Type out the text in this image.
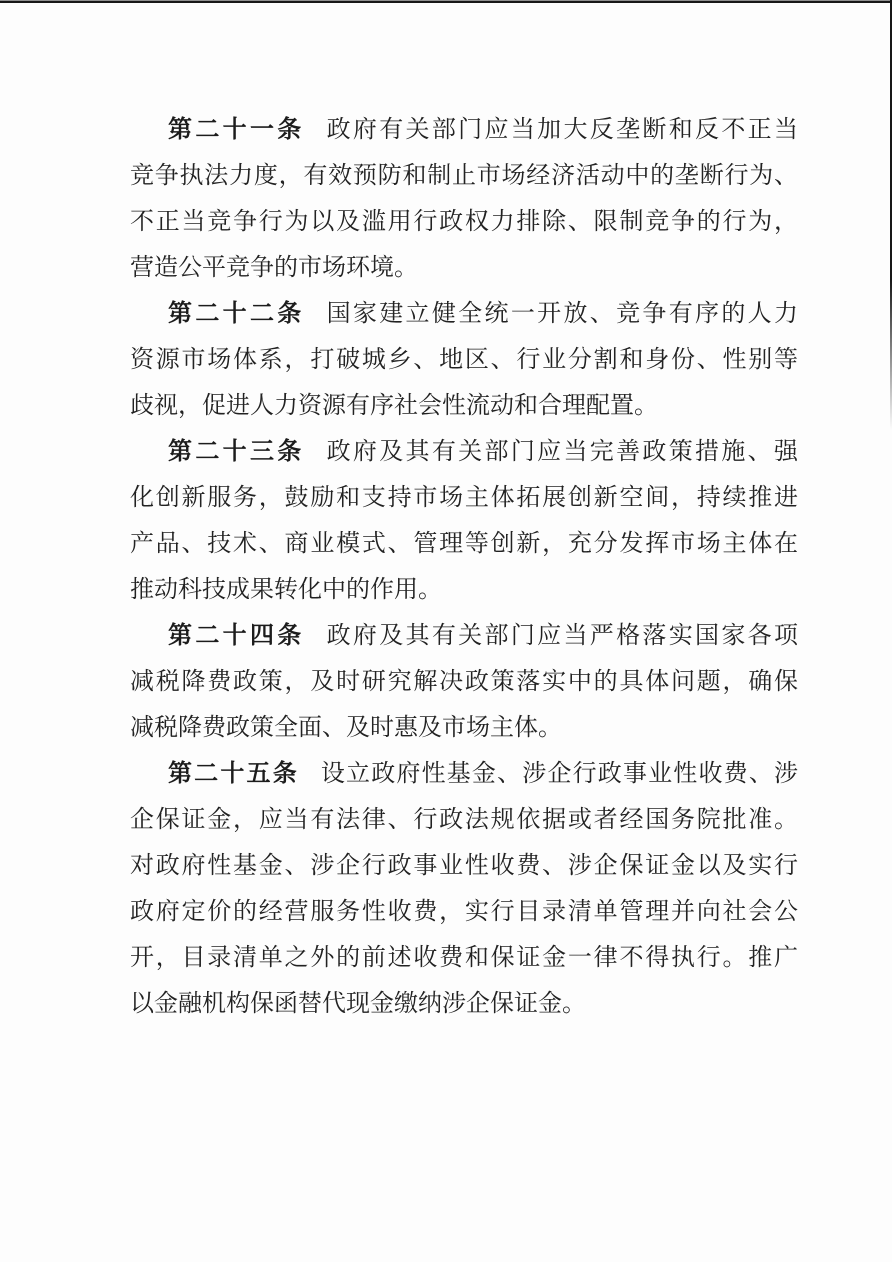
第二十一条 政府有关部门应当加大反垄断和反不正当
竞争执法力度，有效预防和制止市场经济活动中的垄断行为、
不正当竞争行为以及滥用行政权力排除、限制竞争的行为，
营造公平竞争的市场环境。

第二十二条 国家建立健全统一开放、竞争有序的人力
资源市场体系，打破城乡、地区、行业分割和身份、性别等
歧视，促进人力资源有序社会性流动和合理配置。

第二十三条 政府及其有关部门应当完善政策措施、强
化创新服务，鼓励和支持市场主体拓展创新空间，持续推进
产品、技术、商业模式、管理等创新，充分发挥市场主体在
推动科技成果转化中的作用。

第二十四条 政府及其有关部门应当严格落实国家各项
减税降费政策，及时研究解决政策落实中的具体问题，确保
减税降费政策全面、及时惠及市场主体。

第二十五条 设立政府性基金、涉企行政事业性收费、涉
企保证金，应当有法律、行政法规依据或者经国务院批准。
对政府性基金、涉企行政事业性收费、涉企保证金以及实行
政府定价的经营服务性收费，实行目录清单管理并向社会公
开，目录清单之外的前述收费和保证金一律不得执行。推广
以金融机构保函替代现金缴纳涉企保证金。
